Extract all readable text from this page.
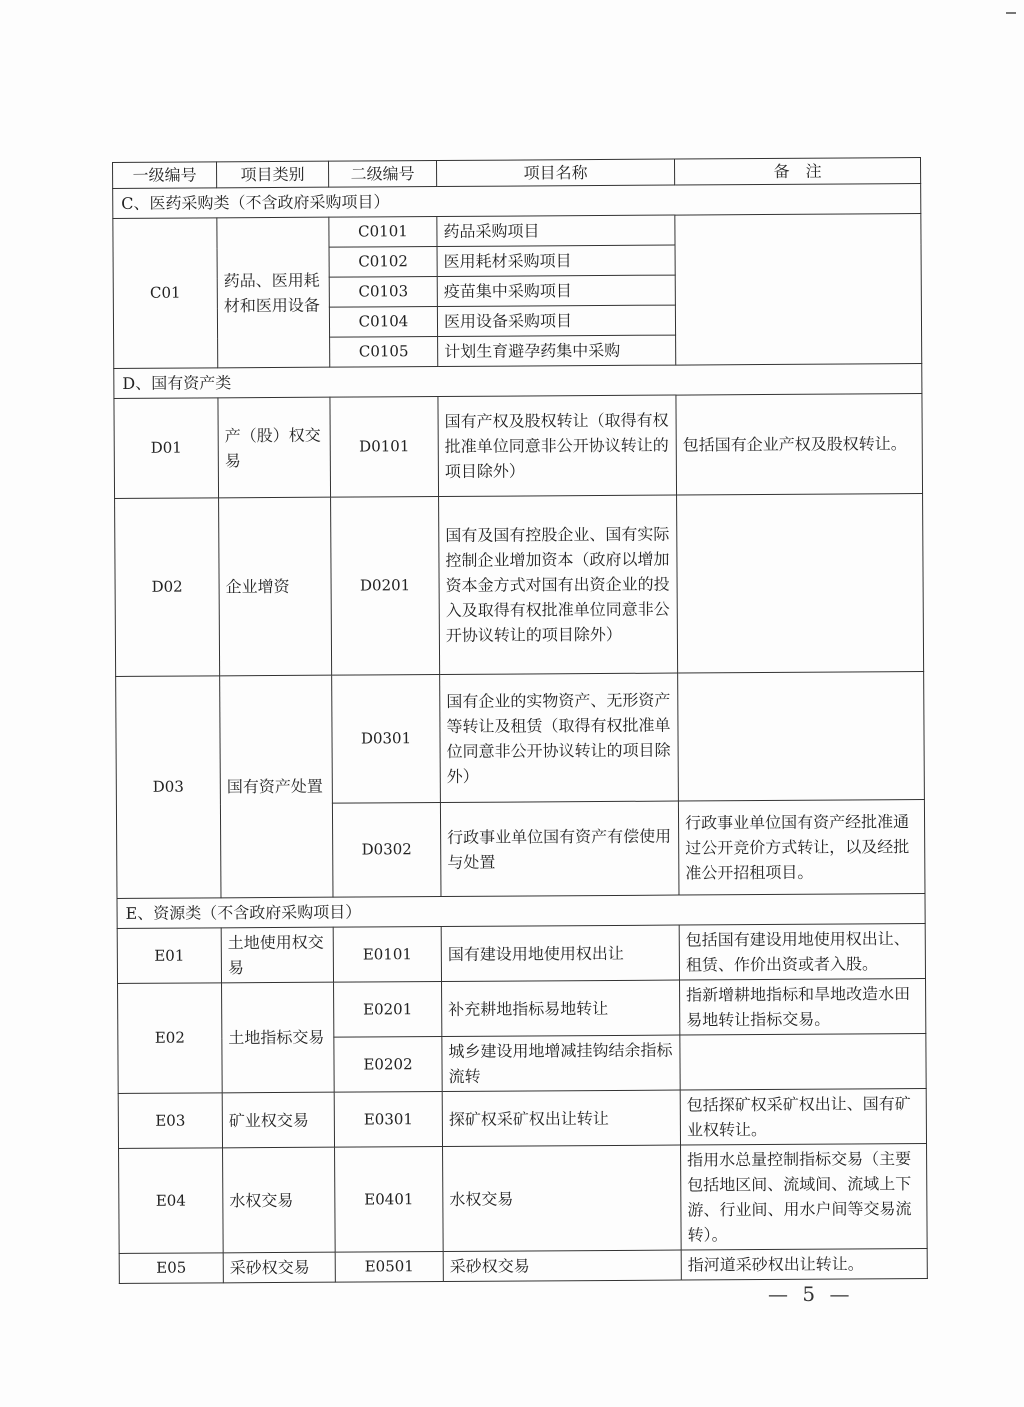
一级编号	项目类别	二级编号	项目名称	备　注
C、医药采购类（不含政府采购项目）				
C01	药品、医用耗材和医用设备	C0101	药品采购项目	
		C0102	医用耗材采购项目	
		C0103	疫苗集中采购项目	
		C0104	医用设备采购项目	
		C0105	计划生育避孕药集中采购	
D、国有资产类				
D01	产（股）权交易	D0101	国有产权及股权转让（取得有权批准单位同意非公开协议转让的项目除外）	包括国有企业产权及股权转让。
D02	企业增资	D0201	国有及国有控股企业、国有实际控制企业增加资本（政府以增加资本金方式对国有出资企业的投入及取得有权批准单位同意非公开协议转让的项目除外）	
D03	国有资产处置	D0301	国有企业的实物资产、无形资产等转让及租赁（取得有权批准单位同意非公开协议转让的项目除外）	
		D0302	行政事业单位国有资产有偿使用与处置	行政事业单位国有资产经批准通过公开竞价方式转让，以及经批准公开招租项目。
E、资源类（不含政府采购项目）				
E01	土地使用权交易	E0101	国有建设用地使用权出让	包括国有建设用地使用权出让、租赁、作价出资或者入股。
E02	土地指标交易	E0201	补充耕地指标易地转让	指新增耕地指标和旱地改造水田易地转让指标交易。
		E0202	城乡建设用地增减挂钩结余指标流转	
E03	矿业权交易	E0301	探矿权采矿权出让转让	包括探矿权采矿权出让、国有矿业权转让。
E04	水权交易	E0401	水权交易	指用水总量控制指标交易（主要包括地区间、流域间、流域上下游、行业间、用水户间等交易流转）。
E05	采砂权交易	E0501	采砂权交易	指河道采砂权出让转让。
— 5 —
